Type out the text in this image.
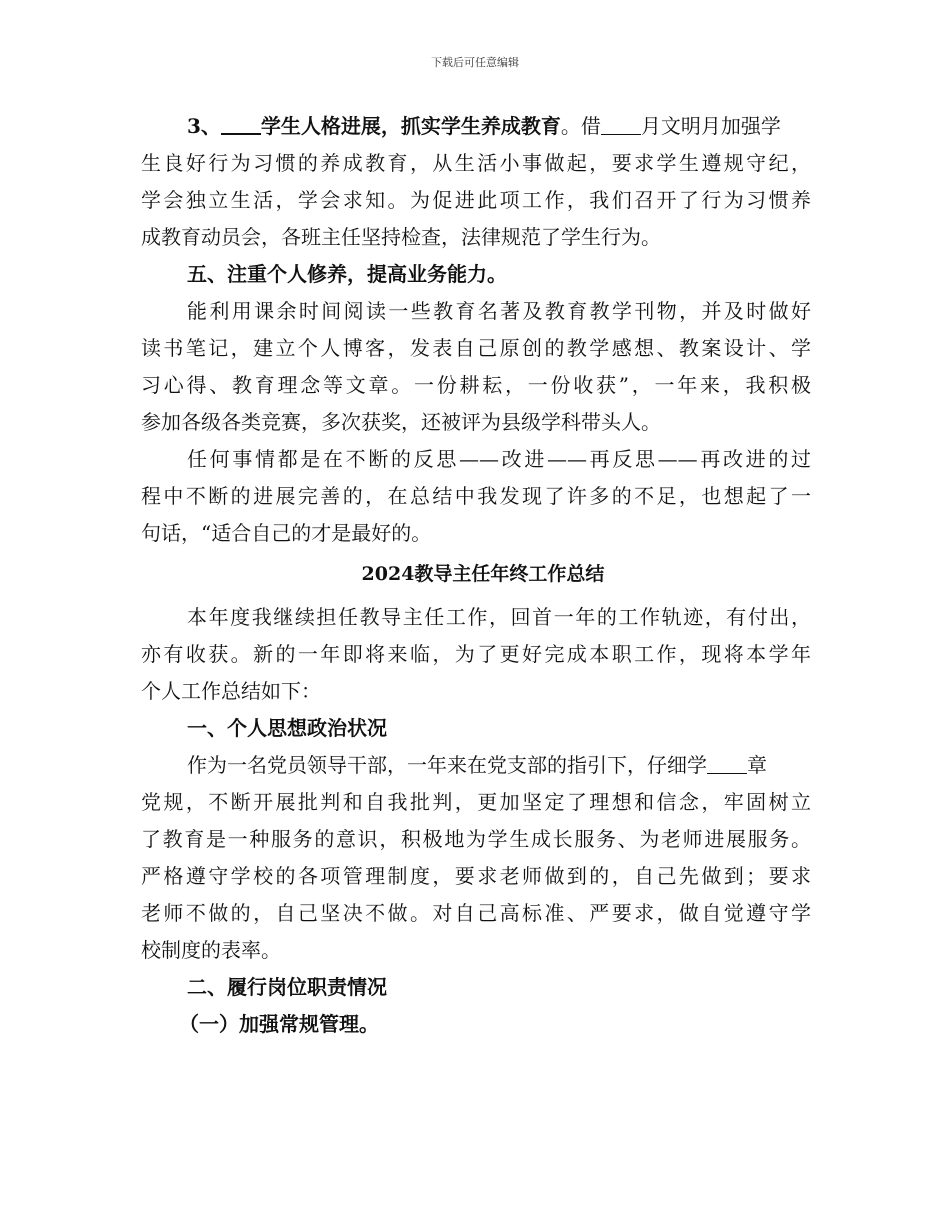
下载后可任意编辑
3、 学生人格进展，抓实学生养成教育。借 月文明月加强学
生良好行为习惯的养成教育，从生活小事做起，要求学生遵规守纪，
学会独立生活，学会求知。为促进此项工作，我们召开了行为习惯养
成教育动员会，各班主任坚持检查，法律规范了学生行为。
五、注重个人修养，提高业务能力。
能利用课余时间阅读一些教育名著及教育教学刊物，并及时做好
读书笔记，建立个人博客，发表自己原创的教学感想、教案设计、学
习心得、教育理念等文章。一份耕耘，一份收获”，一年来，我积极
参加各级各类竞赛，多次获奖，还被评为县级学科带头人。
任何事情都是在不断的反思——改进——再反思——再改进的过
程中不断的进展完善的，在总结中我发现了许多的不足，也想起了一
句话，“适合自己的才是最好的。
2024教导主任年终工作总结
本年度我继续担任教导主任工作，回首一年的工作轨迹，有付出，
亦有收获。新的一年即将来临，为了更好完成本职工作，现将本学年
个人工作总结如下：
一、个人思想政治状况
作为一名党员领导干部，一年来在党支部的指引下，仔细学 章
党规，不断开展批判和自我批判，更加坚定了理想和信念，牢固树立
了教育是一种服务的意识，积极地为学生成长服务、为老师进展服务。
严格遵守学校的各项管理制度，要求老师做到的，自己先做到；要求
老师不做的，自己坚决不做。对自己高标准、严要求，做自觉遵守学
校制度的表率。
二、履行岗位职责情况
（一）加强常规管理。
